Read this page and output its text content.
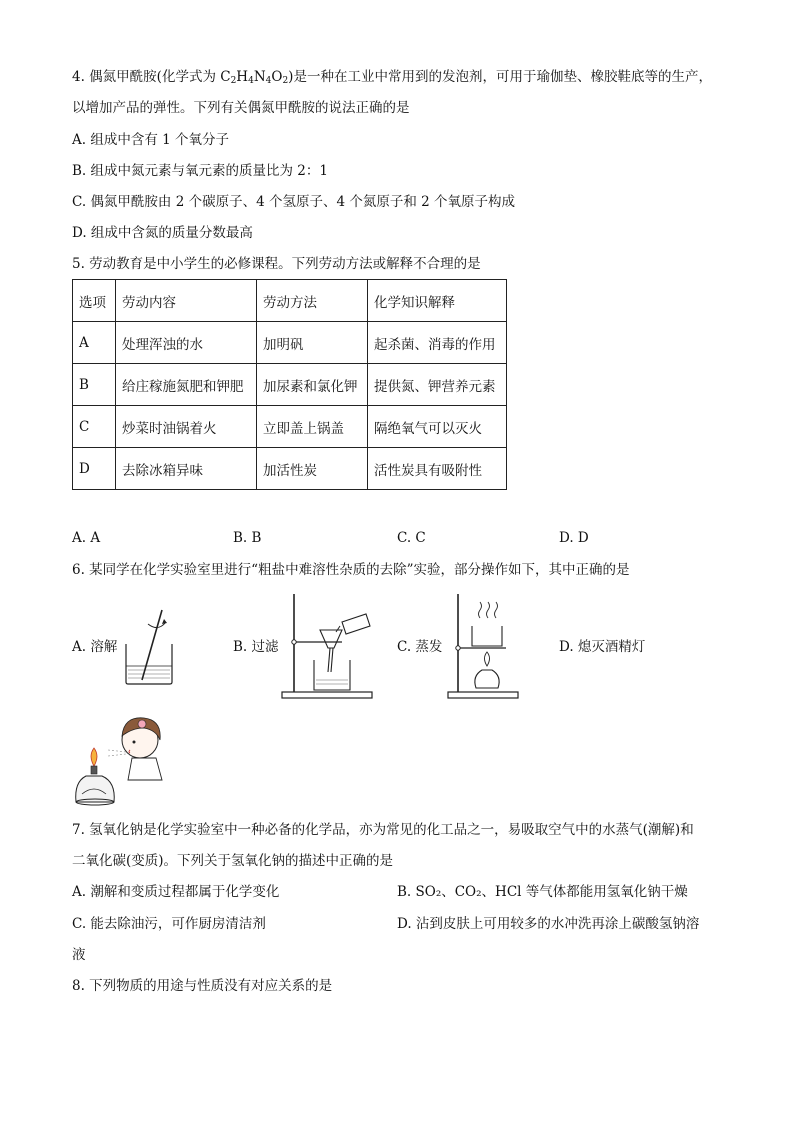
4. 偶氮甲酰胺(化学式为 $C_2H_4N_4O_2$)是一种在工业中常用到的发泡剂，可用于瑜伽垫、橡胶鞋底等的生产，
以增加产品的弹性。下列有关偶氮甲酰胺的说法正确的是
A. 组成中含有 1 个氧分子
B. 组成中氮元素与氧元素的质量比为 2：1
C. 偶氮甲酰胺由 2 个碳原子、4 个氢原子、4 个氮原子和 2 个氧原子构成
D. 组成中含氮的质量分数最高
5. 劳动教育是中小学生的必修课程。下列劳动方法或解释不合理的是
选项	劳动内容	劳动方法	化学知识解释
A	处理浑浊的水	加明矾	起杀菌、消毒的作用
B	给庄稼施氮肥和钾肥	加尿素和氯化钾	提供氮、钾营养元素
C	炒菜时油锅着火	立即盖上锅盖	隔绝氧气可以灭火
D	去除冰箱异味	加活性炭	活性炭具有吸附性
A. A	B. B	C. C	D. D
6. 某同学在化学实验室里进行“粗盐中难溶性杂质的去除”实验，部分操作如下，其中正确的是
A. 溶解	B. 过滤	C. 蒸发	D. 熄灭酒精灯
7. 氢氧化钠是化学实验室中一种必备的化学品，亦为常见的化工品之一，易吸取空气中的水蒸气(潮解)和
二氧化碳(变质)。下列关于氢氧化钠的描述中正确的是
A. 潮解和变质过程都属于化学变化	B. SO₂、CO₂、HCl 等气体都能用氢氧化钠干燥
C. 能去除油污，可作厨房清洁剂	D. 沾到皮肤上可用较多的水冲洗再涂上碳酸氢钠溶
液
8. 下列物质的用途与性质没有对应关系的是
